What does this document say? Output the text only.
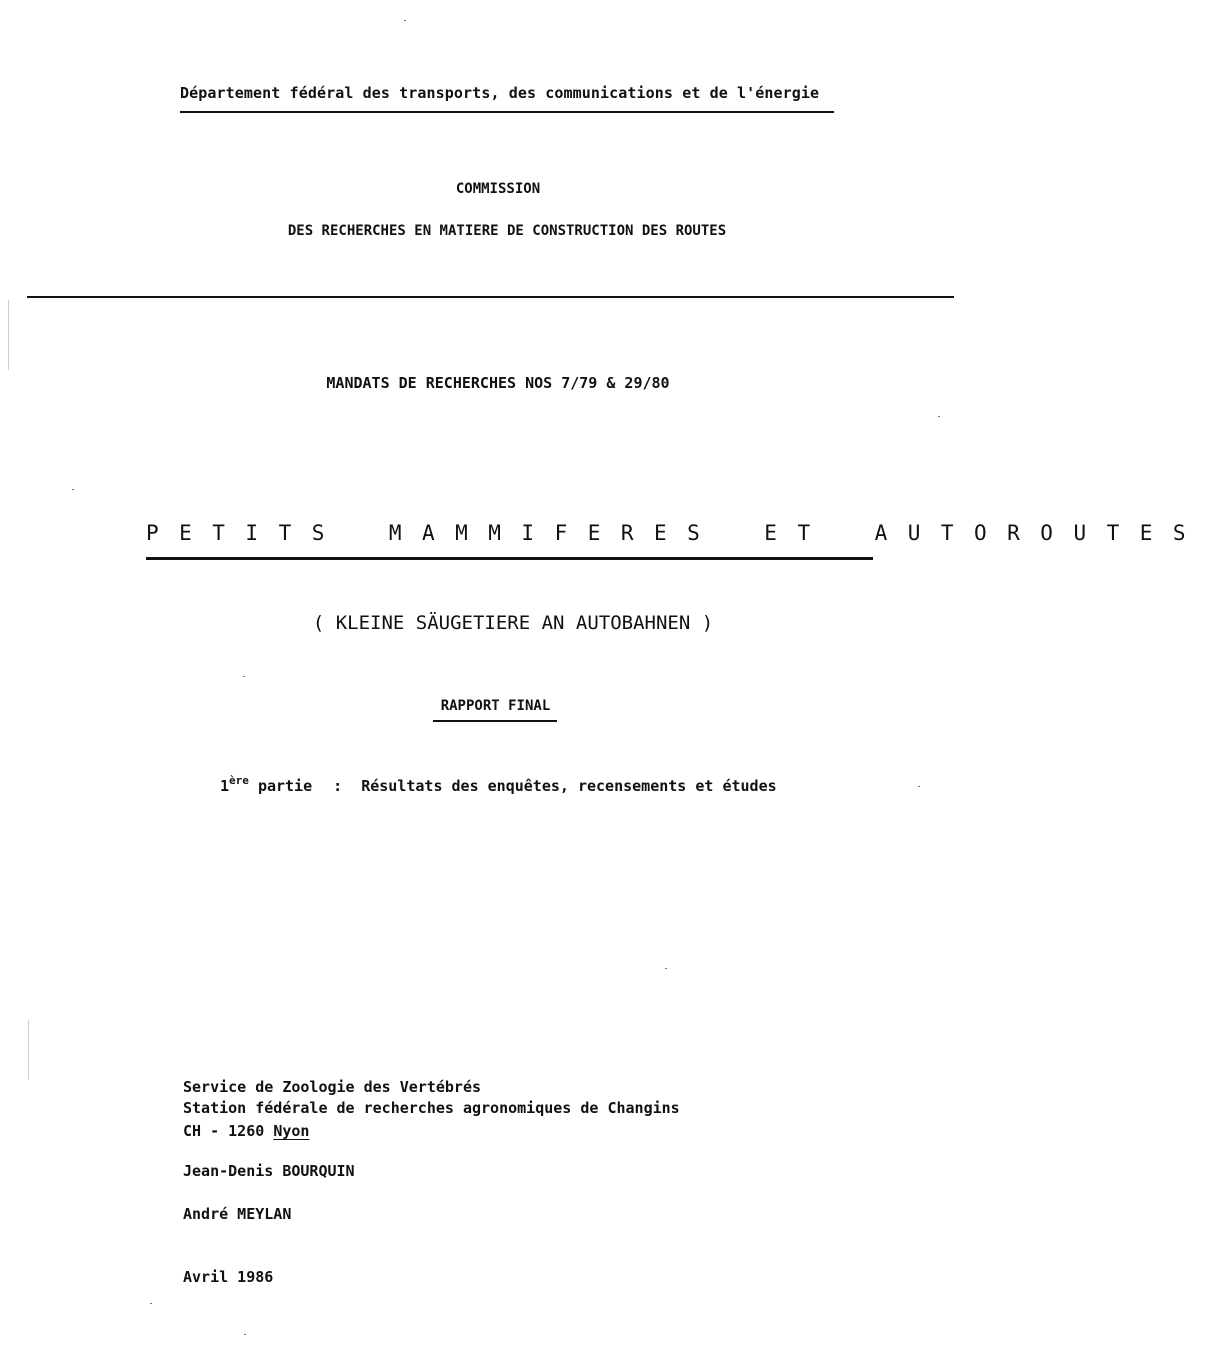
Département fédéral des transports, des communications et de l'énergie
COMMISSION
DES RECHERCHES EN MATIERE DE CONSTRUCTION DES ROUTES
MANDATS DE RECHERCHES NOS 7/79 & 29/80
PETITS MAMMIFERES ET AUTOROUTES
( KLEINE SÄUGETIERE AN AUTOBAHNEN )
RAPPORT FINAL
1ère partie : Résultats des enquêtes, recensements et études
Service de Zoologie des Vertébrés
Station fédérale de recherches agronomiques de Changins
CH - 1260 Nyon
Jean-Denis BOURQUIN
André MEYLAN
Avril 1986
